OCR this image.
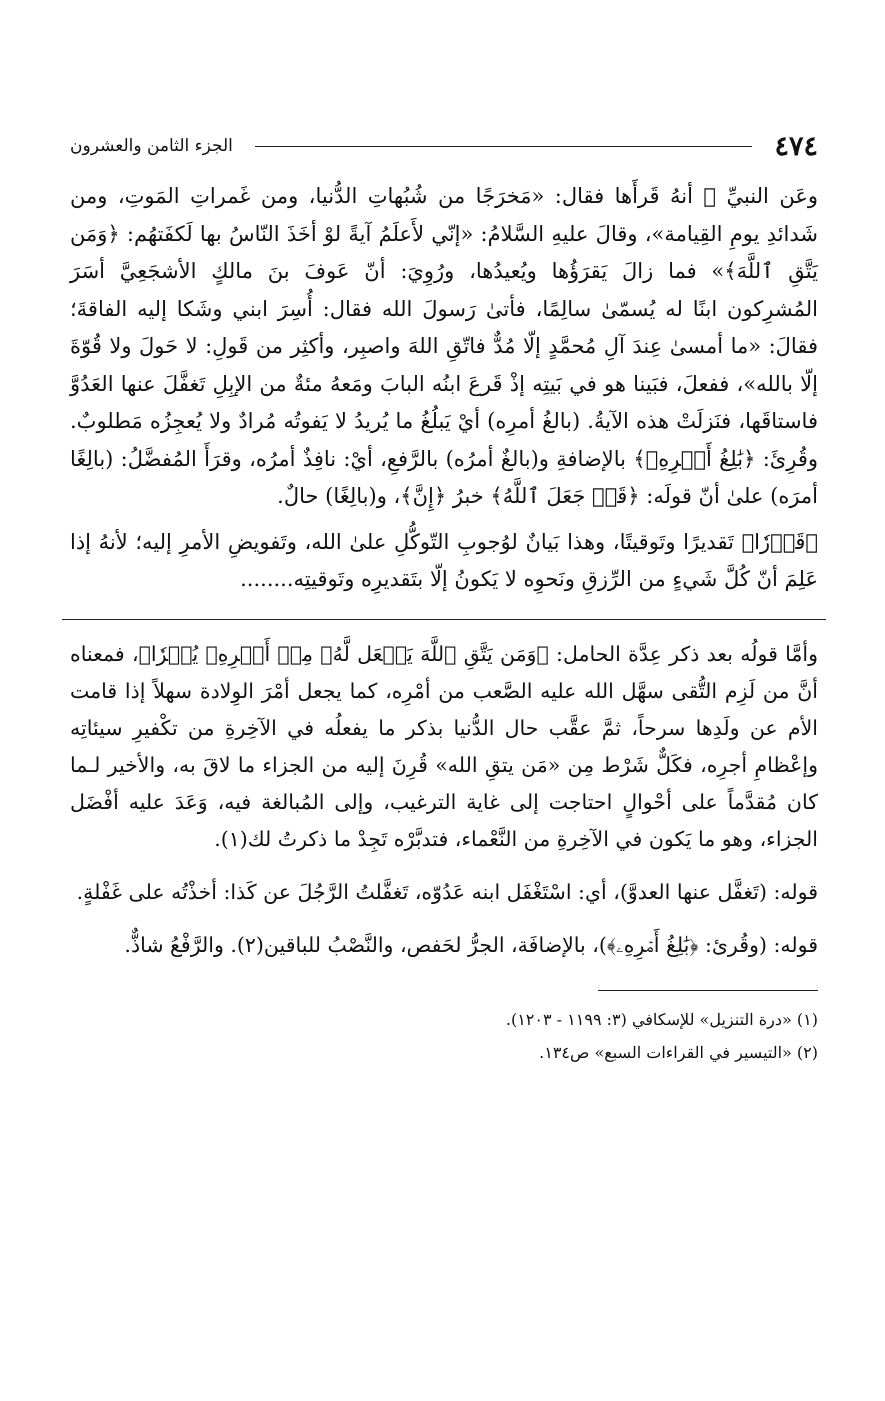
٤٧٤
الجزء الثامن والعشرون

وعَن النبيِّ ﷺ أنهُ قَرأَها فقال: «مَخرَجًا من شُبُهاتِ الدُّنيا، ومن غَمراتِ المَوتِ، ومن شَدائدِ يومِ القِيامة»، وقالَ عليهِ السَّلامُ: «إنّي لأَعلَمُ آيةً لوْ أخَذَ النّاسُ بها لَكفَتهُم: ﴿وَمَن يَتَّقِ ٱللَّهَ﴾» فما زالَ يَقرَؤُها ويُعيدُها، ورُوِيَ: أنّ عَوفَ بنَ مالكٍ الأشجَعِيَّ أسَرَ المُشرِكون ابنًا له يُسمّىٰ سالِمًا، فأتىٰ رَسولَ الله فقال: أُسِرَ ابني وشَكا إليه الفاقةَ؛ فقالَ: «ما أمسىٰ عِندَ آلِ مُحمَّدٍ إلّا مُدٌّ فاتّقِ اللهَ واصبِر، وأكثِر من قَولِ: لا حَولَ ولا قُوّةَ إلّا بالله»، ففعلَ، فبَينا هو في بَيتِه إذْ قَرعَ ابنُه البابَ ومَعهُ مئةٌ من الإبِلِ تَغفَّلَ عنها العَدُوَّ فاستاقَها، فنَزلَتْ هذه الآيةُ. (بالغُ أمرِه) أيْ يَبلُغُ ما يُريدُ لا يَفوتُه مُرادٌ ولا يُعجِزُه مَطلوبٌ. وقُرِئَ: ﴿بَٰلِغُ أَمۡرِهِۦ﴾ بالإضافةِ و(بالغٌ أمرُه) بالرَّفعِ، أيْ: نافِذٌ أمرُه، وقرَأَ المُفضَّلُ: (بالِغًا أمرَه) علىٰ أنّ قولَه: ﴿قَدۡ جَعَلَ ٱللَّهُ﴾ خبرُ ﴿إِنَّ﴾، و(بالِغًا) حالٌ.

﴿قَدۡرٗا﴾ تَقديرًا وتَوقيتًا، وهذا بَيانٌ لوُجوبِ التّوكُّلِ علىٰ الله، وتَفويضِ الأمرِ إليه؛ لأنهُ إذا عَلِمَ أنّ كُلَّ شَيءٍ من الرِّزقِ ونَحوِه لا يَكونُ إلّا بتَقديرِه وتَوقيتِه........

وأمَّا قولُه بعد ذكر عِدَّة الحامل: ﴿وَمَن يَتَّقِ ٱللَّهَ يَجۡعَل لَّهُۥ مِنۡ أَمۡرِهِۦ يُسۡرٗا﴾، فمعناه أنَّ من لَزِم التُّقى سهَّل الله عليه الصَّعب من أمْرِه، كما يجعل أمْرَ الوِلادة سهلاً إذا قامت الأم عن ولَدِها سرحاً، ثمَّ عقَّب حال الدُّنيا بذكر ما يفعلُه في الآخِرةِ من تكْفيرِ سيئاتِه وإعْظامِ أجرِه، فكَلٌّ شَرْط مِن «مَن يتقِ الله» قُرِنَ إليه من الجزاء ما لاقَ به، والأخير لـما كان مُقدَّماً على أحْوالٍ احتاجت إلى غاية الترغيب، وإلى المُبالغة فيه، وَعَدَ عليه أفْضَل الجزاء، وهو ما يَكون في الآخِرةِ من النَّعْماء، فتدبَّرْه تَجِدْ ما ذكرتُ لك(١).

قوله: (تَغفَّل عنها العدوَّ)، أي: اسْتَغْفَل ابنه عَدُوّه، تَغفَّلتُ الرَّجُلَ عن كَذا: أخذْتُه على غَفْلةٍ.

قوله: (وقُرئ: ﴿بَٰلِغُ أَمۡرِهِۦ﴾)، بالإضافَة، الجرُّ لحَفص، والنَّصْبُ للباقين(٢). والرَّفْعُ شاذٌّ.

(١) «درة التنزيل» للإسكافي (٣: ١١٩٩ - ١٢٠٣).

(٢) «التيسير في القراءات السبع» ص١٣٤.
